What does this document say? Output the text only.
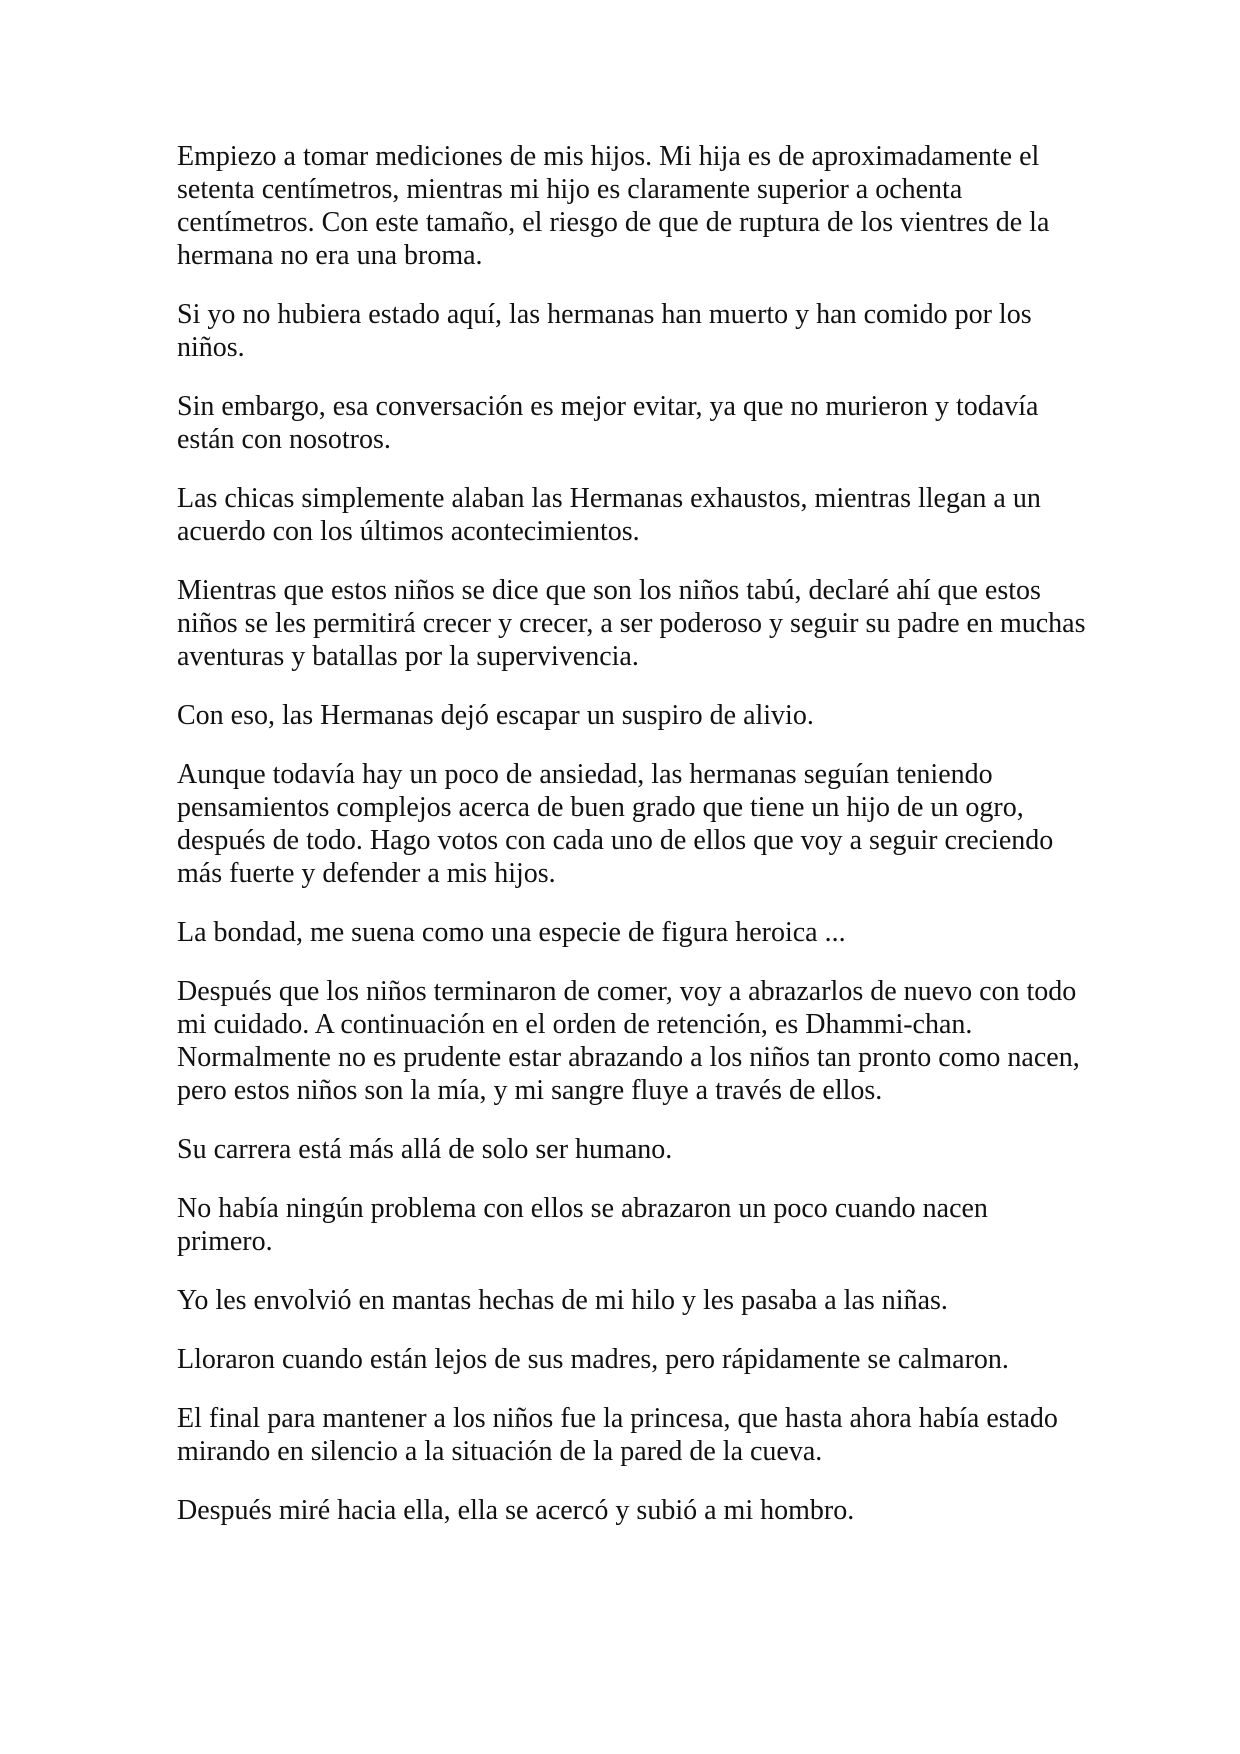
Empiezo a tomar mediciones de mis hijos. Mi hija es de aproximadamente el setenta centímetros, mientras mi hijo es claramente superior a ochenta centímetros. Con este tamaño, el riesgo de que de ruptura de los vientres de la hermana no era una broma.

Si yo no hubiera estado aquí, las hermanas han muerto y han comido por los niños.

Sin embargo, esa conversación es mejor evitar, ya que no murieron y todavía están con nosotros.

Las chicas simplemente alaban las Hermanas exhaustos, mientras llegan a un acuerdo con los últimos acontecimientos.

Mientras que estos niños se dice que son los niños tabú, declaré ahí que estos niños se les permitirá crecer y crecer, a ser poderoso y seguir su padre en muchas aventuras y batallas por la supervivencia.

Con eso, las Hermanas dejó escapar un suspiro de alivio.

Aunque todavía hay un poco de ansiedad, las hermanas seguían teniendo pensamientos complejos acerca de buen grado que tiene un hijo de un ogro, después de todo. Hago votos con cada uno de ellos que voy a seguir creciendo más fuerte y defender a mis hijos.

La bondad, me suena como una especie de figura heroica ...

Después que los niños terminaron de comer, voy a abrazarlos de nuevo con todo mi cuidado. A continuación en el orden de retención, es Dhammi-chan. Normalmente no es prudente estar abrazando a los niños tan pronto como nacen, pero estos niños son la mía, y mi sangre fluye a través de ellos.

Su carrera está más allá de solo ser humano.

No había ningún problema con ellos se abrazaron un poco cuando nacen primero.

Yo les envolvió en mantas hechas de mi hilo y les pasaba a las niñas.

Lloraron cuando están lejos de sus madres, pero rápidamente se calmaron.

El final para mantener a los niños fue la princesa, que hasta ahora había estado mirando en silencio a la situación de la pared de la cueva.

Después miré hacia ella, ella se acercó y subió a mi hombro.
